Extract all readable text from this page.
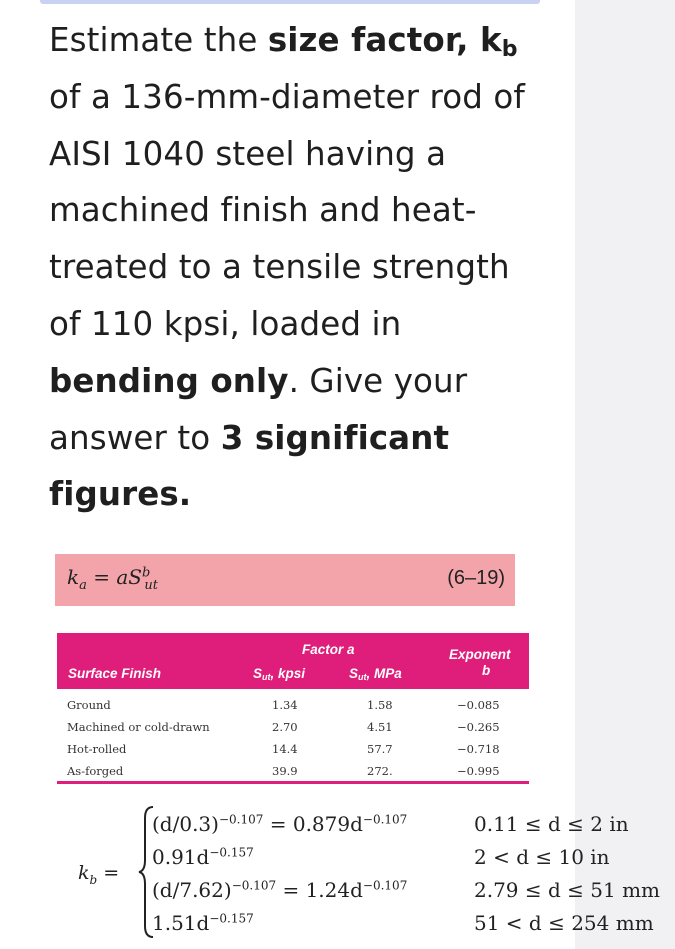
Estimate the size factor, $k_b$ of a 136-mm-diameter rod of AISI 1040 steel having a machined finish and heat-treated to a tensile strength of 110 kpsi, loaded in bending only. Give your answer to 3 significant figures.
$k_a = aS^b_{ut}$	(6–19)
Surface Finish
Factor a
Sut, kpsi	Sut, MPa
Exponent
b
Ground	1.34	1.58	−0.085
Machined or cold-drawn	2.70	4.51	−0.265
Hot-rolled	14.4	57.7	−0.718
As-forged	39.9	272.	−0.995
$k_b$ =
$(d/0.3)^{-0.107} = 0.879d^{-0.107}$	0.11 ≤ d ≤ 2 in
$0.91d^{-0.157}$	2 < d ≤ 10 in
$(d/7.62)^{-0.107} = 1.24d^{-0.107}$	2.79 ≤ d ≤ 51 mm
$1.51d^{-0.157}$	51 < d ≤ 254 mm
